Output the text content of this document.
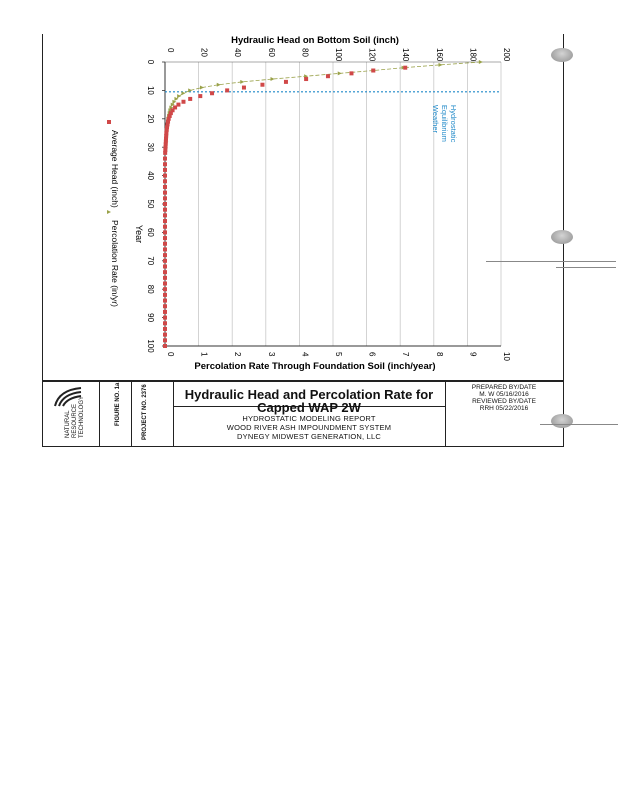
0	20	40	60	80	100	120	140	160	180	200
0	1	2	3	4	5	6	7	8	9	10
0
10
20
30
40
50
60
70
80
90
100
HydrostaticEquilibriumWeather
Hydraulic Head on Bottom Soil (inch)
Percolation Rate Through Foundation Soil (inch/year)
Year
Average Head (inch)
Percolation Rate (in/yr)
Hydraulic Head and Percolation Rate for
Capped WAP 2W
HYDROSTATIC MODELING REPORT
WOOD RIVER ASH IMPOUNDMENT SYSTEM
DYNEGY MIDWEST GENERATION, LLC
PREPARED BY/DATE
M. W 05/16/2016
REVIEWED BY/DATE
RRH 05/22/2016
PROJECT NO. 2376
FIGURE NO. 1a
NATURAL RESOURCE TECHNOLOGY
